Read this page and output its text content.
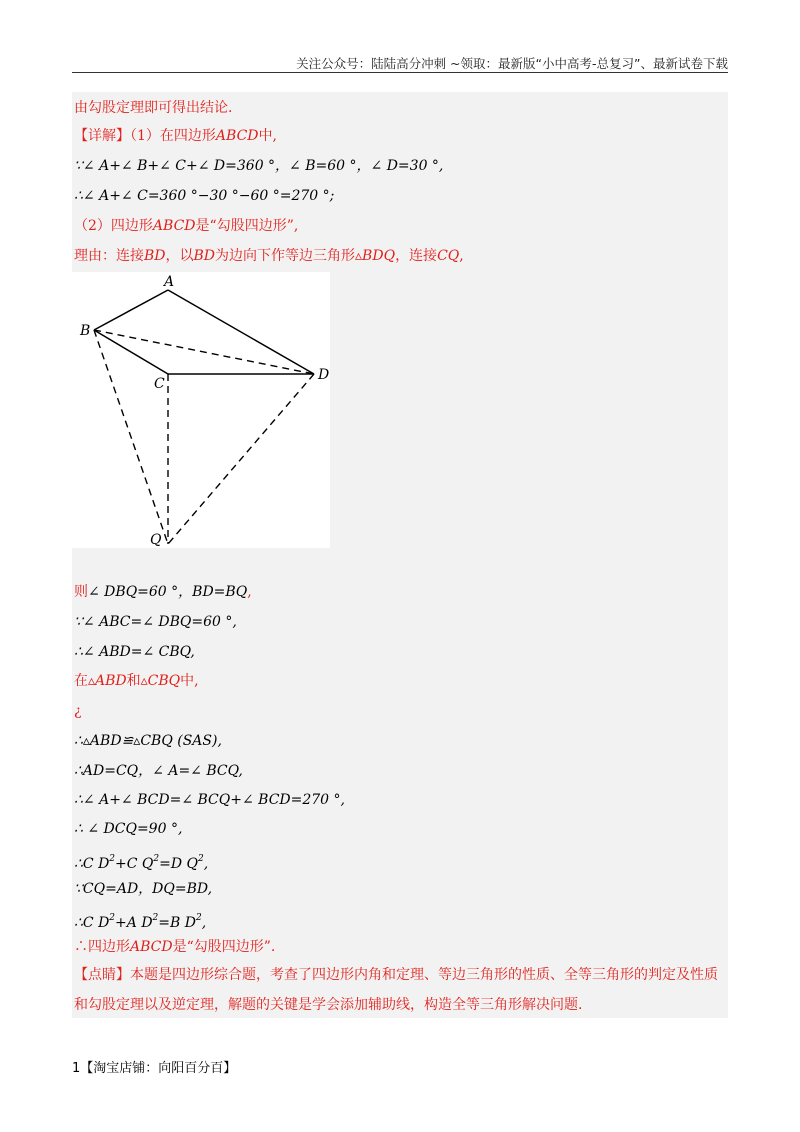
关注公众号：陆陆高分冲刺 ~领取：最新版“小中高考-总复习”、最新试卷下载
由勾股定理即可得出结论.
【详解】（1）在四边形ABCD中,
∵∠ A+∠ B+∠ C+∠ D=360 °，∠ B=60 °，∠ D=30 °,
∴∠ A+∠ C=360 °−30 °−60 °=270 °;
（2）四边形ABCD是“勾股四边形”,
理由：连接BD，以BD为边向下作等边三角形▵BDQ，连接CQ,
A
B
C
D
Q
则∠ DBQ=60 °，BD=BQ,
∵∠ ABC=∠ DBQ=60 °,
∴∠ ABD=∠ CBQ,
在▵ABD和▵CBQ中,
¿
∴▵ABD≌▵CBQ (SAS),
∴AD=CQ，∠ A=∠ BCQ,
∴∠ A+∠ BCD=∠ BCQ+∠ BCD=270 °,
∴ ∠ DCQ=90 °,
∴C $D^2+C$ $Q^2=D$ $Q^2$,
∵CQ=AD，DQ=BD,
∴C $D^2+A$ $D^2=B$ $D^2$,
∴四边形ABCD是“勾股四边形”.
【点睛】本题是四边形综合题，考查了四边形内角和定理、等边三角形的性质、全等三角形的判定及性质和勾股定理以及逆定理，解题的关键是学会添加辅助线，构造全等三角形解决问题.
1【淘宝店铺：向阳百分百】
